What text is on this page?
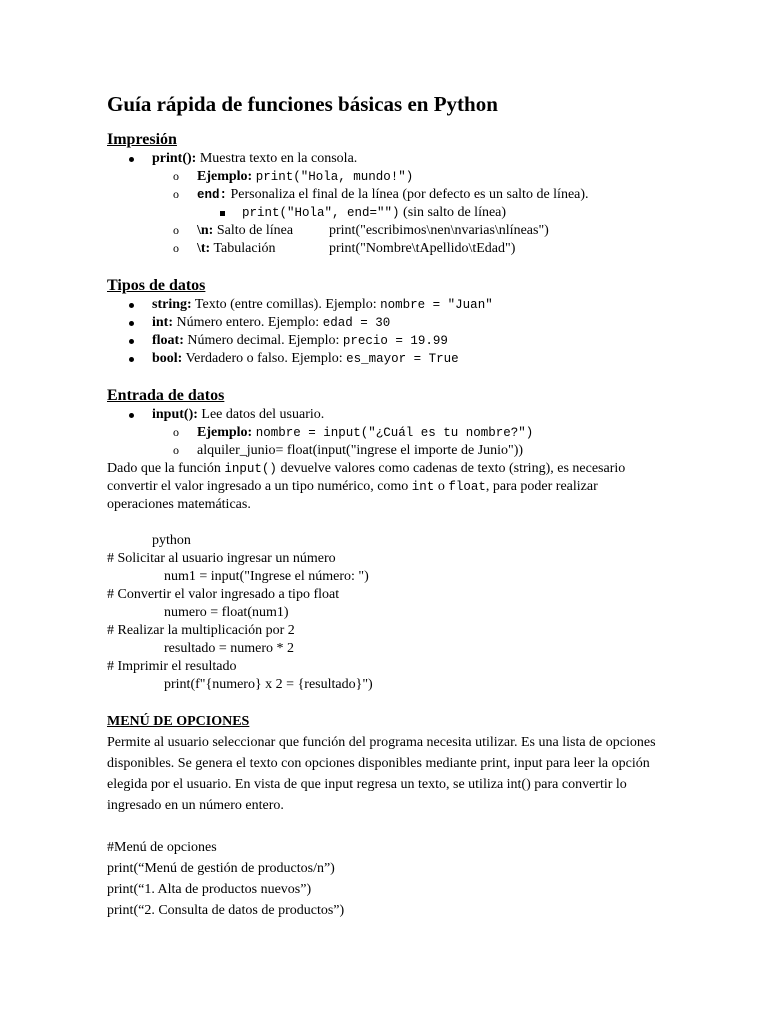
Guía rápida de funciones básicas en Python
Impresión
print(): Muestra texto en la consola.
o Ejemplo: print("Hola, mundo!")
o end: Personaliza el final de la línea (por defecto es un salto de línea).
print("Hola", end="") (sin salto de línea)
o \n: Salto de línea	print("escribimos\nen\nvarias\nlíneas")
o \t: Tabulación	print("Nombre\tApellido\tEdad")
Tipos de datos
string: Texto (entre comillas). Ejemplo: nombre = "Juan"
int: Número entero. Ejemplo: edad = 30
float: Número decimal. Ejemplo: precio = 19.99
bool: Verdadero o falso. Ejemplo: es_mayor = True
Entrada de datos
input(): Lee datos del usuario.
o Ejemplo: nombre = input("¿Cuál es tu nombre?")
o alquiler_junio= float(input("ingrese el importe de Junio"))

Dado que la función input() devuelve valores como cadenas de texto (string), es necesario convertir el valor ingresado a un tipo numérico, como int o float, para poder realizar operaciones matemáticas.

python
# Solicitar al usuario ingresar un número
num1 = input("Ingrese el número: ")
# Convertir el valor ingresado a tipo float
numero = float(num1)
# Realizar la multiplicación por 2
resultado = numero * 2
# Imprimir el resultado
print(f"{numero} x 2 = {resultado}")

MENÚ DE OPCIONES

Permite al usuario seleccionar que función del programa necesita utilizar. Es una lista de opciones disponibles. Se genera el texto con opciones disponibles mediante print, input para leer la opción elegida por el usuario. En vista de que input regresa un texto, se utiliza int() para convertir lo ingresado en un número entero.

#Menú de opciones
print(“Menú de gestión de productos/n”)
print(“1. Alta de productos nuevos”)
print(“2. Consulta de datos de productos”)
